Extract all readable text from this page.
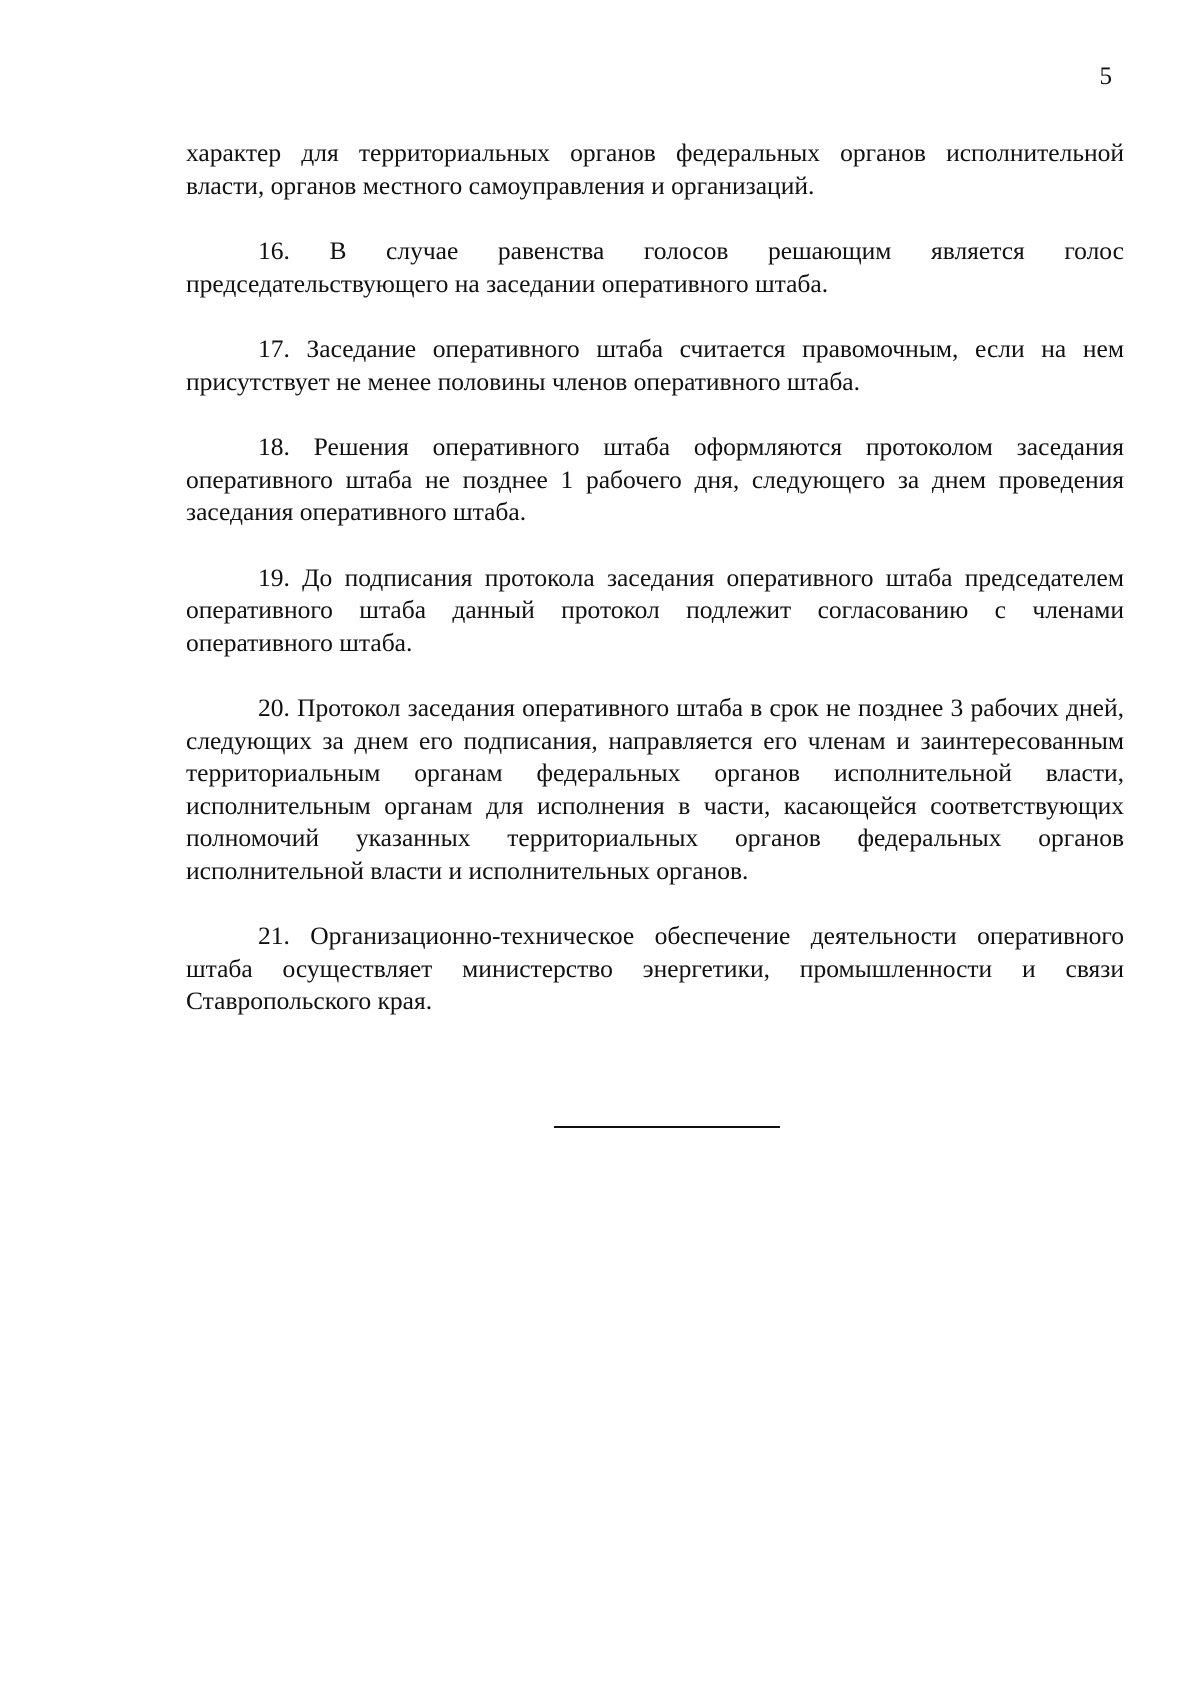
5

характер для территориальных органов федеральных органов исполнительной власти, органов местного самоуправления и организаций.

16. В случае равенства голосов решающим является голос председательствующего на заседании оперативного штаба.

17. Заседание оперативного штаба считается правомочным, если на нем присутствует не менее половины членов оперативного штаба.

18. Решения оперативного штаба оформляются протоколом заседания оперативного штаба не позднее 1 рабочего дня, следующего за днем проведения заседания оперативного штаба.

19. До подписания протокола заседания оперативного штаба председателем оперативного штаба данный протокол подлежит согласованию с членами оперативного штаба.

20. Протокол заседания оперативного штаба в срок не позднее 3 рабочих дней, следующих за днем его подписания, направляется его членам и заинтересованным территориальным органам федеральных органов исполнительной власти, исполнительным органам для исполнения в части, касающейся соответствующих полномочий указанных территориальных органов федеральных органов исполнительной власти и исполнительных органов.

21. Организационно-техническое обеспечение деятельности оперативного штаба осуществляет министерство энергетики, промышленности и связи Ставропольского края.
